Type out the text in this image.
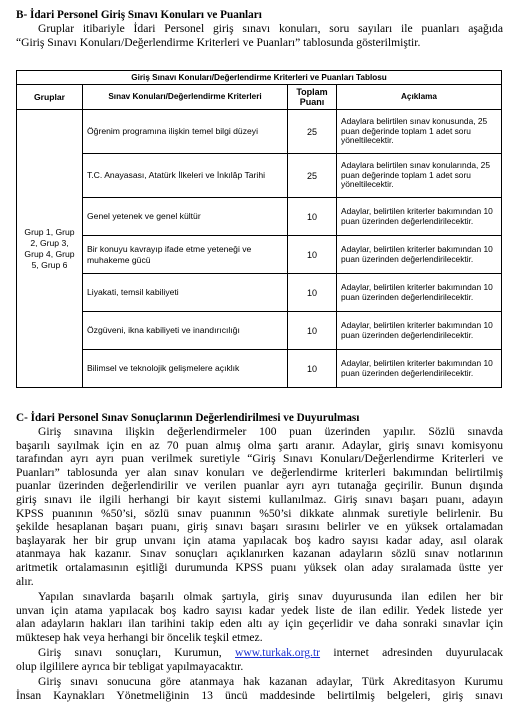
B- İdari Personel Giriş Sınavı Konuları ve Puanları
Gruplar itibariyle İdari Personel giriş sınavı konuları, soru sayıları ile puanları aşağıda
“Giriş Sınavı Konuları/Değerlendirme Kriterleri ve Puanları” tablosunda gösterilmiştir.
Giriş Sınavı Konuları/Değerlendirme Kriterleri ve Puanları Tablosu			
Gruplar	Sınav Konuları/Değerlendirme Kriterleri	Toplam Puanı	Açıklama
Grup 1, Grup 2, Grup 3, Grup 4, Grup 5, Grup 6	Öğrenim programına ilişkin temel bilgi düzeyi	25	Adaylara belirtilen sınav konusunda, 25 puan değerinde toplam 1 adet soru yöneltilecektir.
	T.C. Anayasası, Atatürk İlkeleri ve İnkılâp Tarihi	25	Adaylara belirtilen sınav konularında, 25 puan değerinde toplam 1 adet soru yöneltilecektir.
	Genel yetenek ve genel kültür	10	Adaylar, belirtilen kriterler bakımından 10 puan üzerinden değerlendirilecektir.
	Bir konuyu kavrayıp ifade etme yeteneği ve muhakeme gücü	10	Adaylar, belirtilen kriterler bakımından 10 puan üzerinden değerlendirilecektir.
	Liyakati, temsil kabiliyeti	10	Adaylar, belirtilen kriterler bakımından 10 puan üzerinden değerlendirilecektir.
	Özgüveni, ikna kabiliyeti ve inandırıcılığı	10	Adaylar, belirtilen kriterler bakımından 10 puan üzerinden değerlendirilecektir.
	Bilimsel ve teknolojik gelişmelere açıklık	10	Adaylar, belirtilen kriterler bakımından 10 puan üzerinden değerlendirilecektir.
C- İdari Personel Sınav Sonuçlarının Değerlendirilmesi ve Duyurulması
Giriş sınavına ilişkin değerlendirmeler 100 puan üzerinden yapılır. Sözlü sınavda
başarılı sayılmak için en az 70 puan almış olma şartı aranır. Adaylar, giriş sınavı komisyonu
tarafından ayrı ayrı puan verilmek suretiyle “Giriş Sınavı Konuları/Değerlendirme Kriterleri ve
Puanları” tablosunda yer alan sınav konuları ve değerlendirme kriterleri bakımından belirtilmiş
puanlar üzerinden değerlendirilir ve verilen puanlar ayrı ayrı tutanağa geçirilir. Bunun dışında
giriş sınavı ile ilgili herhangi bir kayıt sistemi kullanılmaz. Giriş sınavı başarı puanı, adayın
KPSS puanının %50’si, sözlü sınav puanının %50’si dikkate alınmak suretiyle belirlenir. Bu
şekilde hesaplanan başarı puanı, giriş sınavı başarı sırasını belirler ve en yüksek ortalamadan
başlayarak her bir grup unvanı için atama yapılacak boş kadro sayısı kadar aday, asıl olarak
atanmaya hak kazanır. Sınav sonuçları açıklanırken kazanan adayların sözlü sınav notlarının
aritmetik ortalamasının eşitliği durumunda KPSS puanı yüksek olan aday sıralamada üstte yer
alır.
Yapılan sınavlarda başarılı olmak şartıyla, giriş sınav duyurusunda ilan edilen her bir
unvan için atama yapılacak boş kadro sayısı kadar yedek liste de ilan edilir. Yedek listede yer
alan adayların hakları ilan tarihini takip eden altı ay için geçerlidir ve daha sonraki sınavlar için
müktesep hak veya herhangi bir öncelik teşkil etmez.
Giriş sınavı sonuçları, Kurumun, www.turkak.org.tr internet adresinden duyurulacak
olup ilgililere ayrıca bir tebligat yapılmayacaktır.
Giriş sınavı sonucuna göre atanmaya hak kazanan adaylar, Türk Akreditasyon Kurumu
İnsan Kaynakları Yönetmeliğinin 13 üncü maddesinde belirtilmiş belgeleri, giriş sınavı
